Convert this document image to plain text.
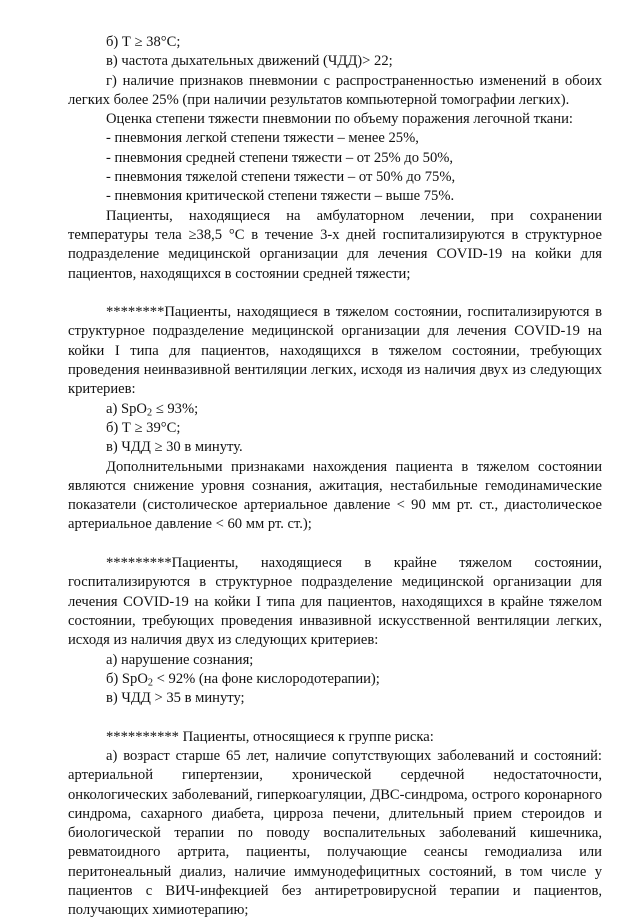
б) Т ≥ 38°С;

в) частота дыхательных движений (ЧДД)> 22;

г) наличие признаков пневмонии с распространенностью изменений в обоих легких более 25% (при наличии результатов компьютерной томографии легких).

Оценка степени тяжести пневмонии по объему поражения легочной ткани:

- пневмония легкой степени тяжести – менее 25%,

- пневмония средней степени тяжести – от 25% до 50%,

- пневмония тяжелой степени тяжести – от 50% до 75%,

- пневмония критической степени тяжести – выше 75%.

Пациенты, находящиеся на амбулаторном лечении, при сохранении температуры тела ≥38,5 °С в течение 3-х дней госпитализируются в структурное подразделение медицинской организации для лечения COVID-19 на койки для пациентов, находящихся в состоянии средней тяжести;

********Пациенты, находящиеся в тяжелом состоянии, госпитализируются в структурное подразделение медицинской организации для лечения COVID-19 на койки I типа для пациентов, находящихся в тяжелом состоянии, требующих проведения неинвазивной вентиляции легких, исходя из наличия двух из следующих критериев:

а) SpO$_2$ ≤ 93%;

б) Т ≥ 39°С;

в) ЧДД ≥ 30 в минуту.

Дополнительными признаками нахождения пациента в тяжелом состоянии являются снижение уровня сознания, ажитация, нестабильные гемодинамические показатели (систолическое артериальное давление < 90 мм рт. ст., диастолическое артериальное давление < 60 мм рт. ст.);

*********Пациенты, находящиеся в крайне тяжелом состоянии, госпитализируются в структурное подразделение медицинской организации для лечения COVID-19 на койки I типа для пациентов, находящихся в крайне тяжелом состоянии, требующих проведения инвазивной искусственной вентиляции легких, исходя из наличия двух из следующих критериев:

а) нарушение сознания;

б) SpO$_2$ < 92% (на фоне кислородотерапии);

в) ЧДД > 35 в минуту;

********** Пациенты, относящиеся к группе риска:

а) возраст старше 65 лет, наличие сопутствующих заболеваний и состояний: артериальной гипертензии, хронической сердечной недостаточности, онкологических заболеваний, гиперкоагуляции, ДВС-синдрома, острого коронарного синдрома, сахарного диабета, цирроза печени, длительный прием стероидов и биологической терапии по поводу воспалительных заболеваний кишечника, ревматоидного артрита, пациенты, получающие сеансы гемодиализа или перитонеальный диализ, наличие иммунодефицитных состояний, в том числе у пациентов с ВИЧ-инфекцией без антиретровирусной терапии и пациентов, получающих химиотерапию;
